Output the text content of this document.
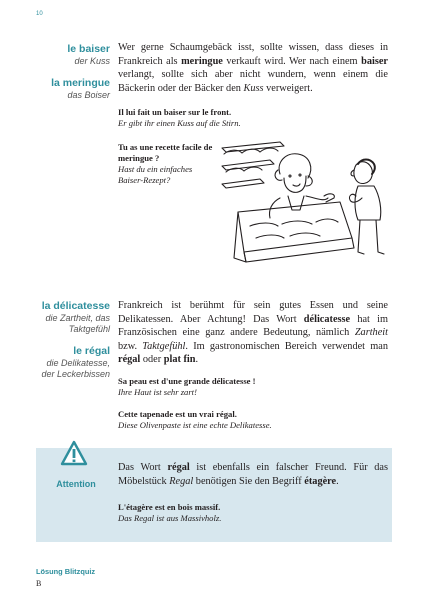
10
le baiser
der Kuss
la meringue
das Boiser
Wer gerne Schaumgebäck isst, sollte wissen, dass dieses in Frankreich als meringue verkauft wird. Wer nach einem baiser verlangt, sollte sich aber nicht wundern, wenn einem die Bäckerin oder der Bäcker den Kuss verweigert.
Il lui fait un baiser sur le front.
Er gibt ihr einen Kuss auf die Stirn.
Tu as une recette facile de meringue ?
Hast du ein einfaches Baiser-Rezept?
la délicatesse
die Zartheit, das Taktgefühl
le régal
die Delikatesse, der Leckerbissen
Frankreich ist berühmt für sein gutes Essen und seine Delikatessen. Aber Achtung! Das Wort délicatesse hat im Französischen eine ganz andere Bedeutung, nämlich Zartheit bzw. Taktgefühl. Im gastronomischen Bereich verwendet man régal oder plat fin.
Sa peau est d'une grande délicatesse !
Ihre Haut ist sehr zart!
Cette tapenade est un vrai régal.
Diese Olivenpaste ist eine echte Delikatesse.
Attention
Das Wort régal ist ebenfalls ein falscher Freund. Für das Möbelstück Regal benötigen Sie den Begriff étagère.
L'étagère est en bois massif.
Das Regal ist aus Massivholz.
Lösung Blitzquiz
B
